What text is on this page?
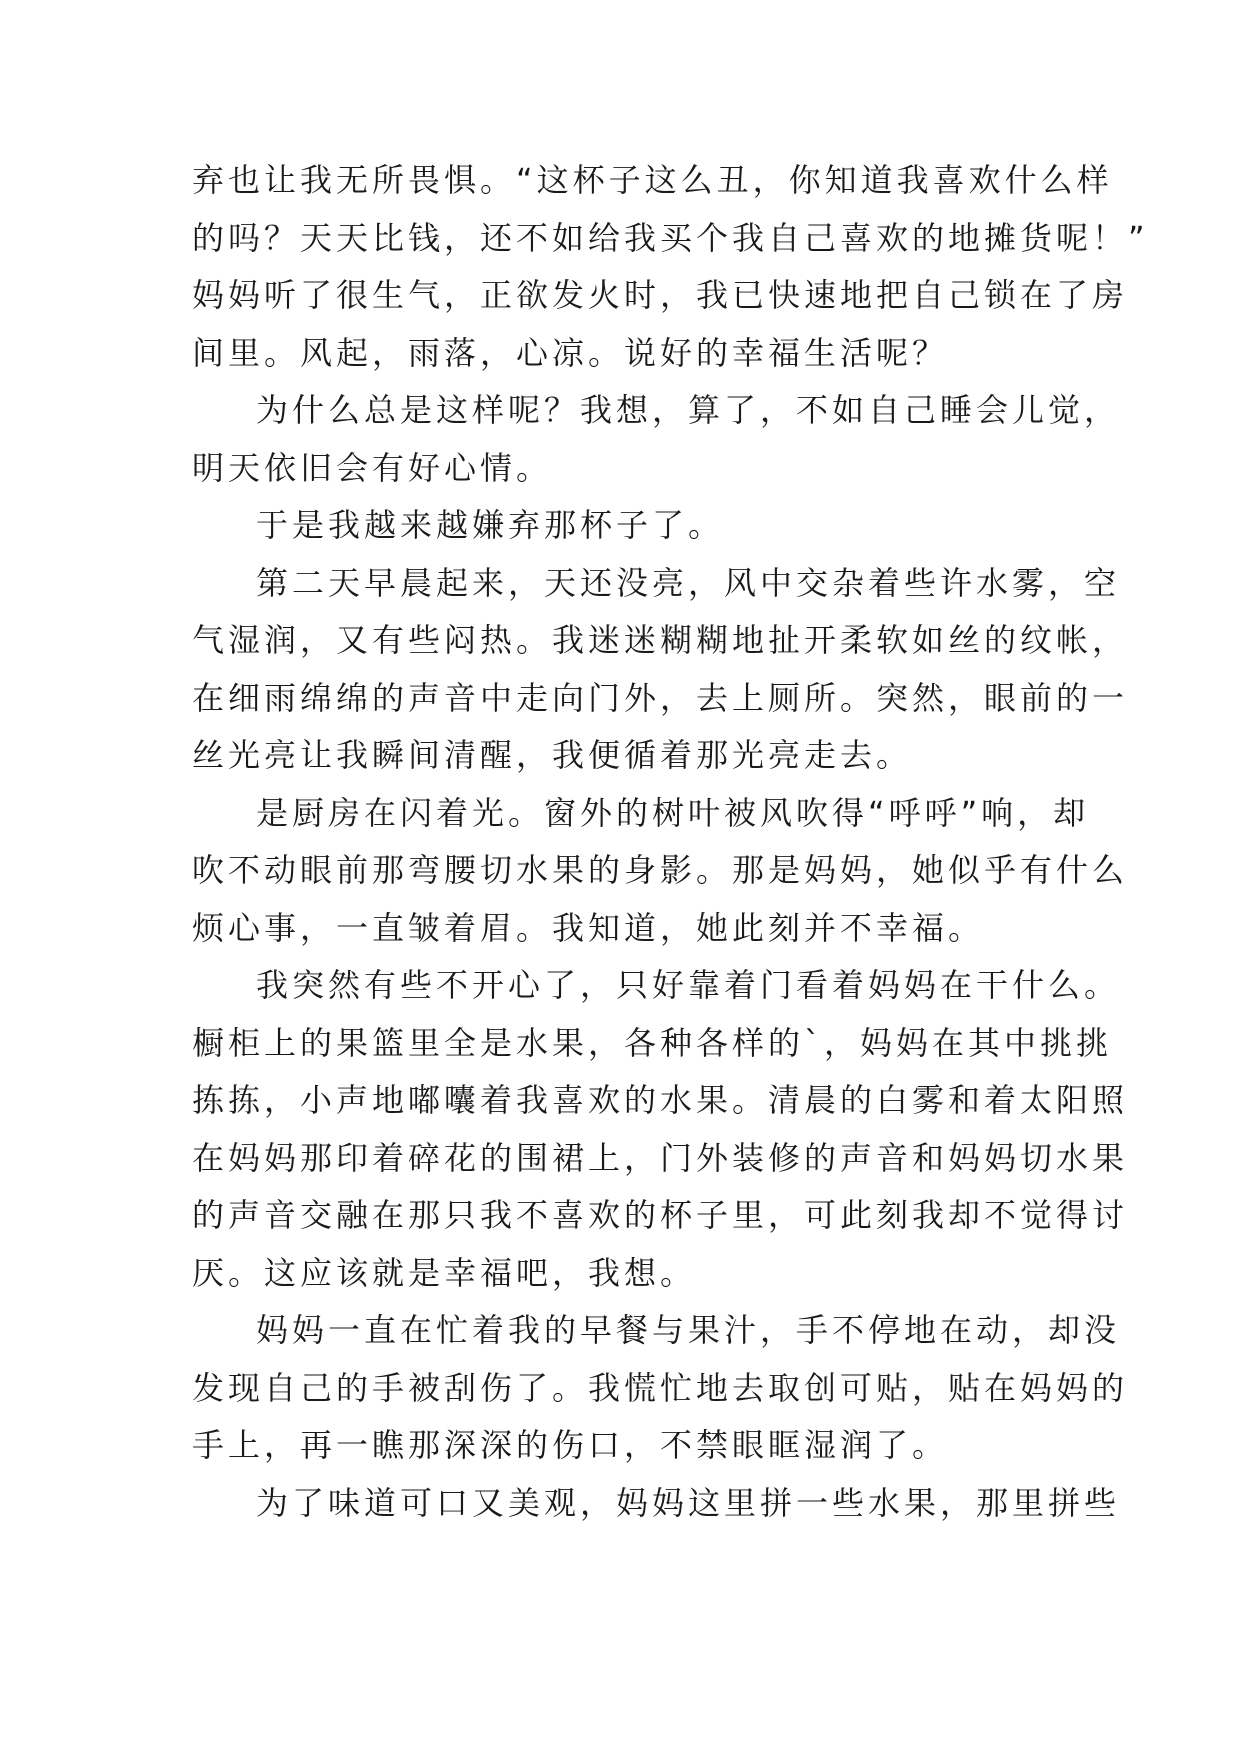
弃也让我无所畏惧。“这杯子这么丑，你知道我喜欢什么样
的吗？天天比钱，还不如给我买个我自己喜欢的地摊货呢！”
妈妈听了很生气，正欲发火时，我已快速地把自己锁在了房
间里。风起，雨落，心凉。说好的幸福生活呢？
为什么总是这样呢？我想，算了，不如自己睡会儿觉，
明天依旧会有好心情。
于是我越来越嫌弃那杯子了。
第二天早晨起来，天还没亮，风中交杂着些许水雾，空
气湿润，又有些闷热。我迷迷糊糊地扯开柔软如丝的纹帐，
在细雨绵绵的声音中走向门外，去上厕所。突然，眼前的一
丝光亮让我瞬间清醒，我便循着那光亮走去。
是厨房在闪着光。窗外的树叶被风吹得“呼呼”响，却
吹不动眼前那弯腰切水果的身影。那是妈妈，她似乎有什么
烦心事，一直皱着眉。我知道，她此刻并不幸福。
我突然有些不开心了，只好靠着门看着妈妈在干什么。
橱柜上的果篮里全是水果，各种各样的`，妈妈在其中挑挑
拣拣，小声地嘟囔着我喜欢的水果。清晨的白雾和着太阳照
在妈妈那印着碎花的围裙上，门外装修的声音和妈妈切水果
的声音交融在那只我不喜欢的杯子里，可此刻我却不觉得讨
厌。这应该就是幸福吧，我想。
妈妈一直在忙着我的早餐与果汁，手不停地在动，却没
发现自己的手被刮伤了。我慌忙地去取创可贴，贴在妈妈的
手上，再一瞧那深深的伤口，不禁眼眶湿润了。
为了味道可口又美观，妈妈这里拼一些水果，那里拼些
